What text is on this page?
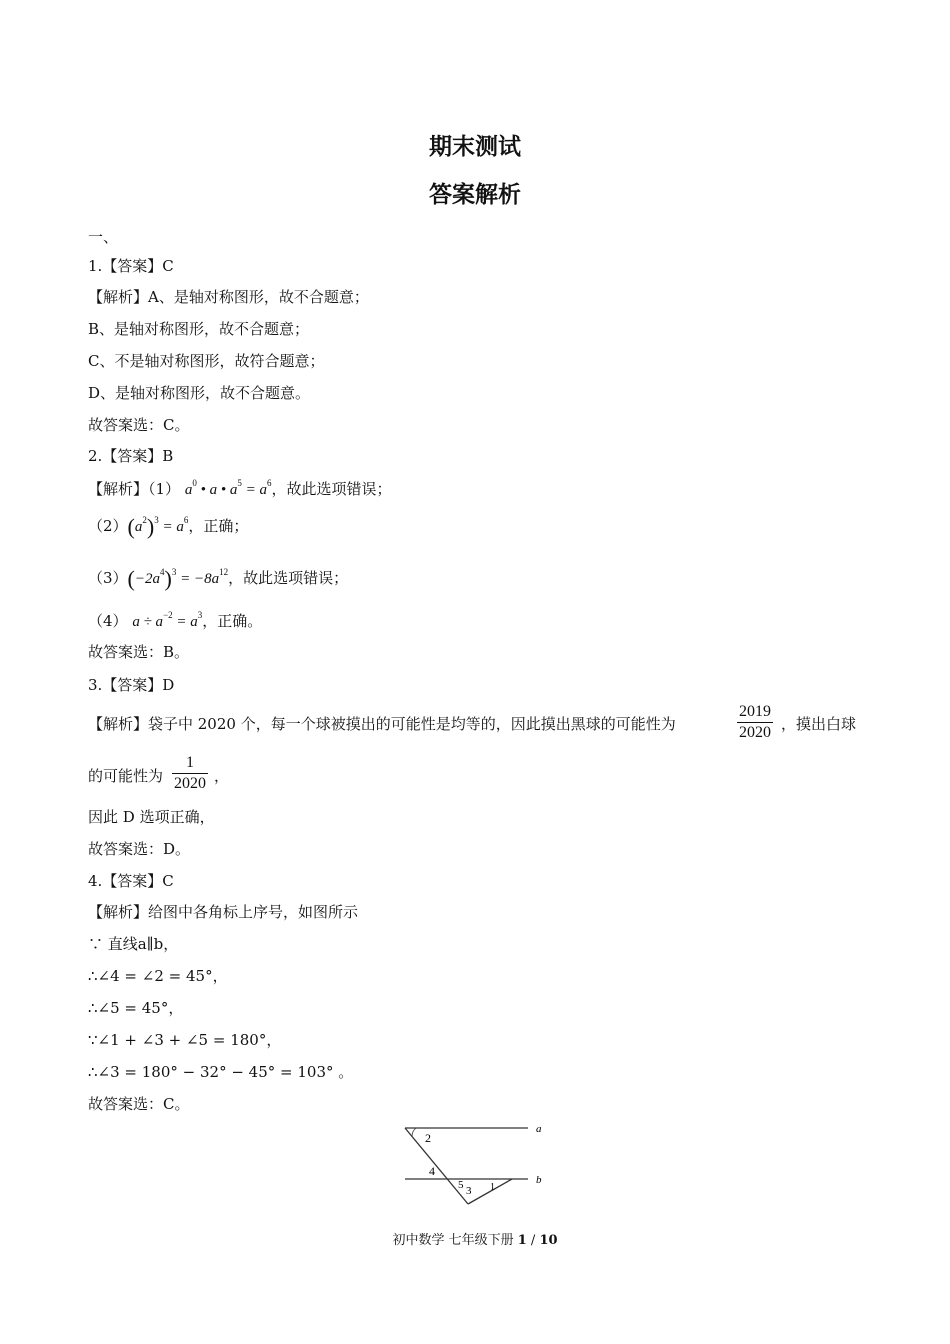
期末测试
答案解析
一、
1.【答案】C
【解析】A、是轴对称图形，故不合题意；
B、是轴对称图形，故不合题意；
C、不是轴对称图形，故符合题意；
D、是轴对称图形，故不合题意。
故答案选：C。
2.【答案】B
【解析】（1） $a^0$ • a • $a^5 = a^6$，故此选项错误；
$(2)(a^2)^3 = a^6$，正确；
$(3)(-2a^4)^3 = -8a^{12}$，故此选项错误；
（4） $a \div a^{-2} = a^3$，正确。
故答案选：B。
3.【答案】D
【解析】袋子中 2020 个，每一个球被摸出的可能性是均等的，因此摸出黑球的可能性为
2019
2020 ，摸出白球
的可能性为
1
2020 ，
因此 D 选项正确，
故答案选：D。
4.【答案】C
【解析】给图中各角标上序号，如图所示
∵ 直线a∥b，
∴∠4 = ∠2 = 45°，
∴∠5 = 45°，
∵∠1 + ∠3 + ∠5 = 180°，
∴∠3 = 180° − 32° − 45° = 103° 。
故答案选：C。
a
b
2
4
5 3 1
初中数学 七年级下册 1 / 10
